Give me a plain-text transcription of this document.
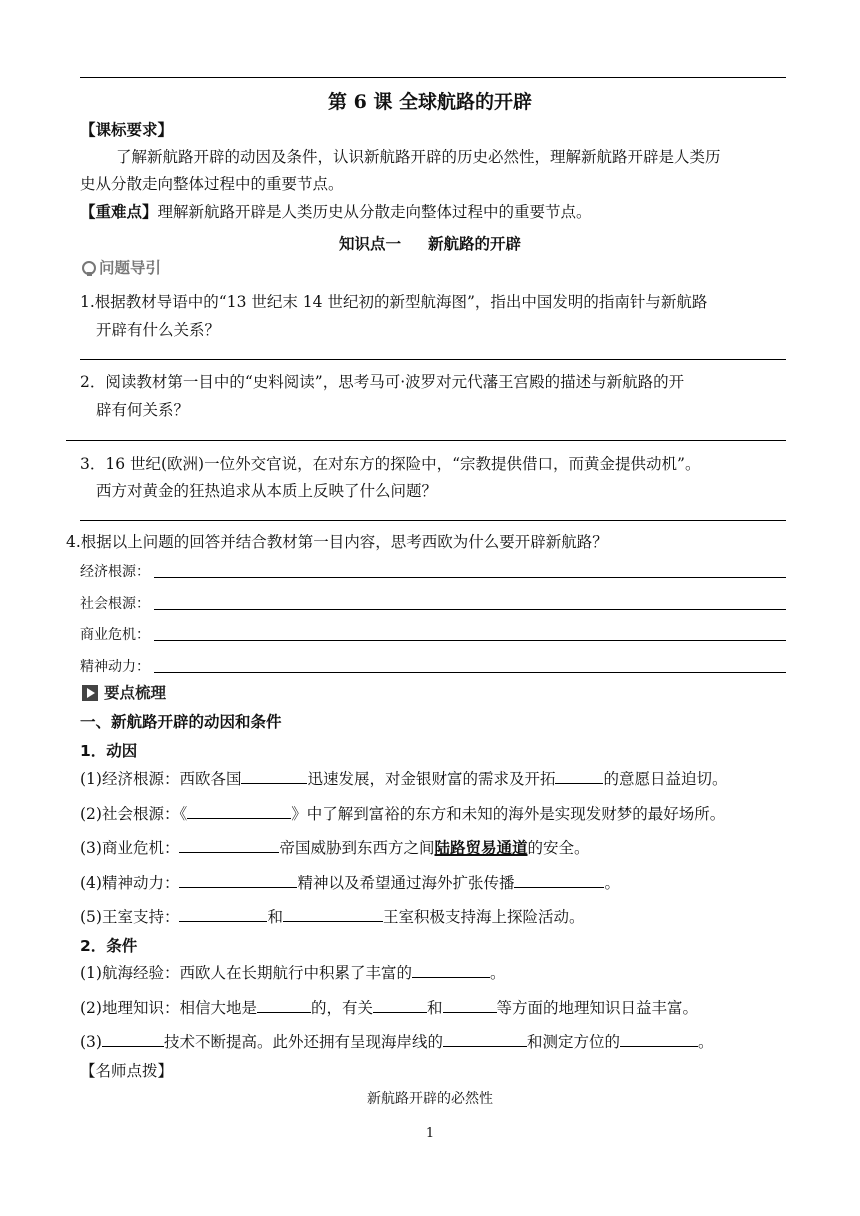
第 6 课 全球航路的开辟
【课标要求】
了解新航路开辟的动因及条件，认识新航路开辟的历史必然性，理解新航路开辟是人类历
史从分散走向整体过程中的重要节点。
【重难点】理解新航路开辟是人类历史从分散走向整体过程中的重要节点。
知识点一     新航路的开辟
问题导引
1.根据教材导语中的“13 世纪末 14 世纪初的新型航海图”，指出中国发明的指南针与新航路
开辟有什么关系？
2．阅读教材第一目中的“史料阅读”，思考马可·波罗对元代藩王宫殿的描述与新航路的开
辟有何关系？
3．16 世纪(欧洲)一位外交官说，在对东方的探险中，“宗教提供借口，而黄金提供动机”。
西方对黄金的狂热追求从本质上反映了什么问题？
4.根据以上问题的回答并结合教材第一目内容，思考西欧为什么要开辟新航路？
经济根源：
社会根源：
商业危机：
精神动力：
要点梳理
一、新航路开辟的动因和条件
1．动因
(1)经济根源：西欧各国	迅速发展，对金银财富的需求及开拓	的意愿日益迫切。
(2)社会根源：《	》中了解到富裕的东方和未知的海外是实现发财梦的最好场所。
(3)商业危机：	帝国威胁到东西方之间陆路贸易通道的安全。
(4)精神动力：	精神以及希望通过海外扩张传播	。
(5)王室支持：	和	王室积极支持海上探险活动。
2．条件
(1)航海经验：西欧人在长期航行中积累了丰富的	。
(2)地理知识：相信大地是	的，有关	和	等方面的地理知识日益丰富。
(3)	技术不断提高。此外还拥有呈现海岸线的	和测定方位的	。
【名师点拨】
新航路开辟的必然性
1
